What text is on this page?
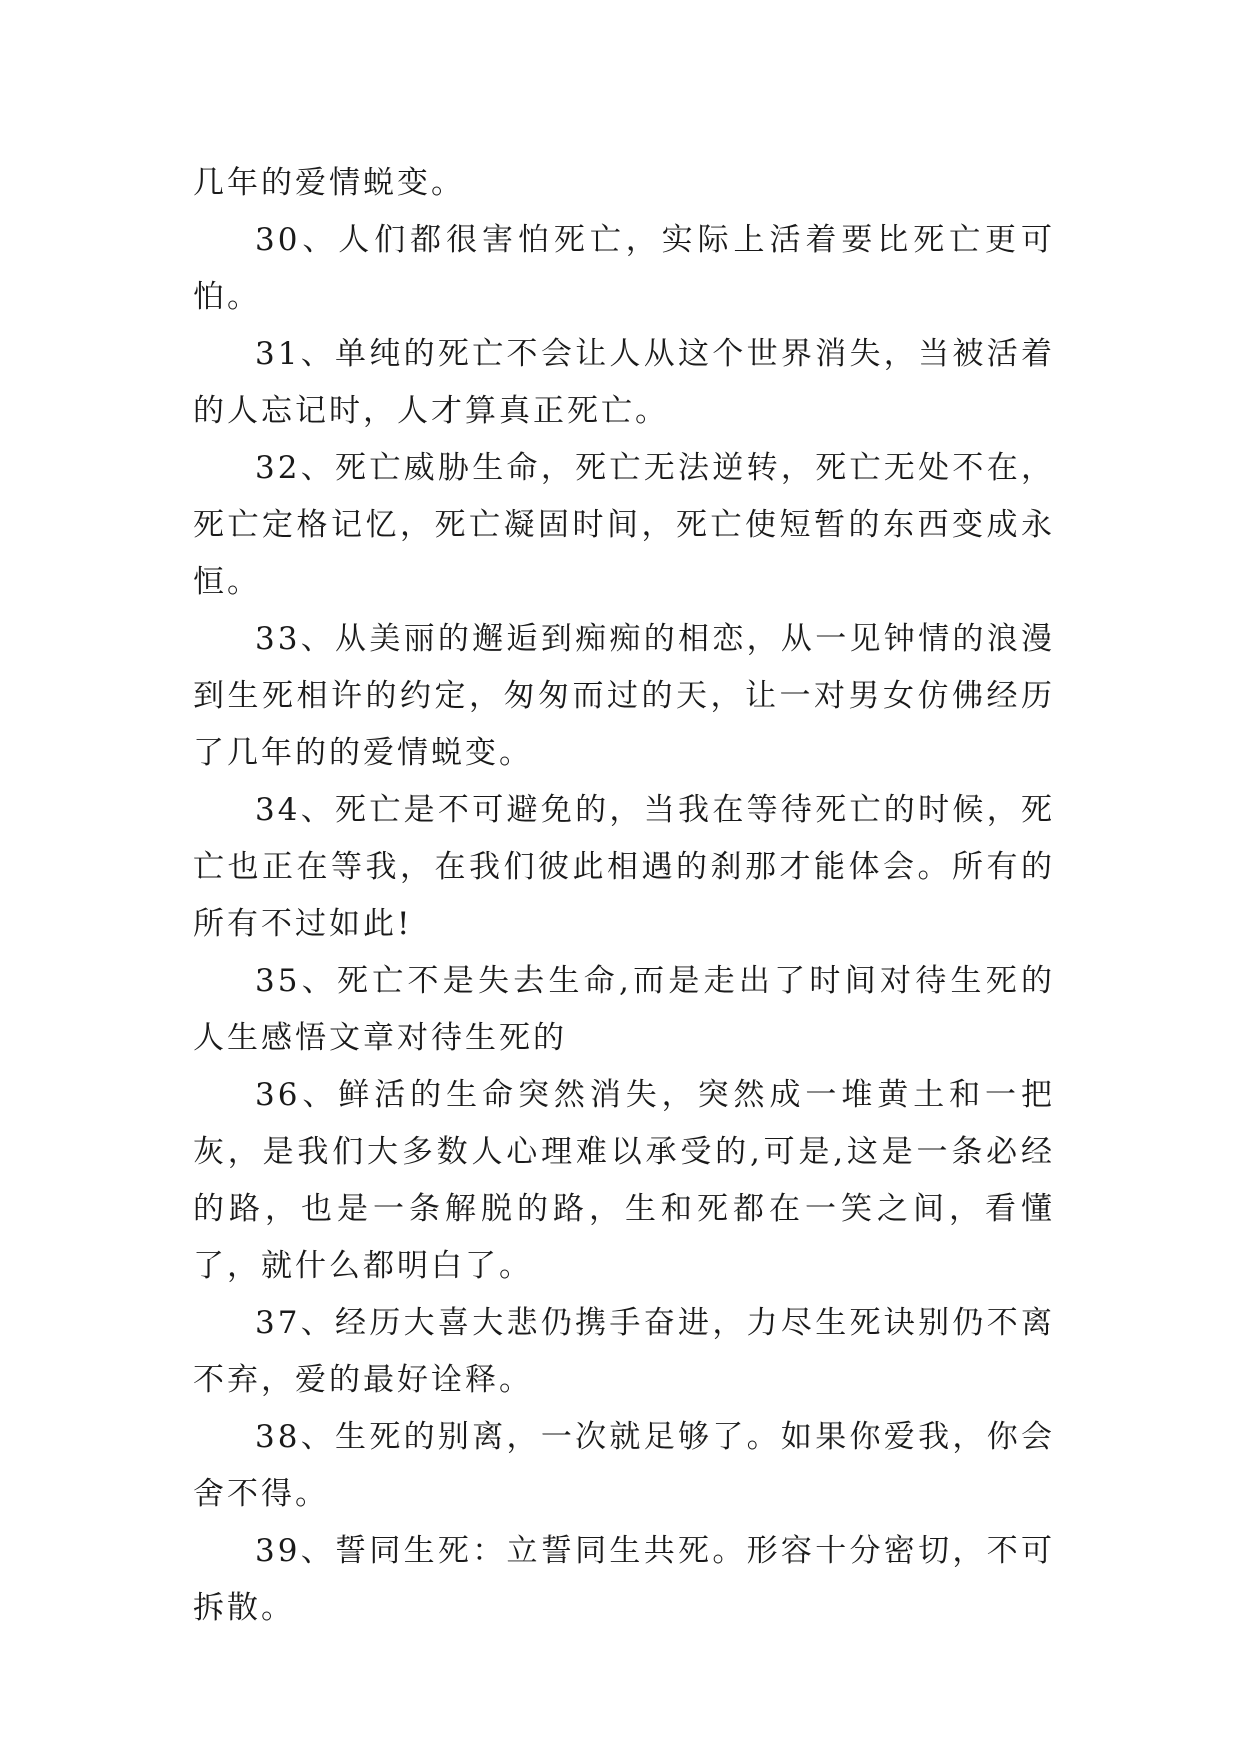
几年的爱情蜕变。

30、人们都很害怕死亡，实际上活着要比死亡更可怕。

31、单纯的死亡不会让人从这个世界消失，当被活着的人忘记时，人才算真正死亡。

32、死亡威胁生命，死亡无法逆转，死亡无处不在，死亡定格记忆，死亡凝固时间，死亡使短暂的东西变成永恒。

33、从美丽的邂逅到痴痴的相恋，从一见钟情的浪漫到生死相许的约定，匆匆而过的天，让一对男女仿佛经历了几年的的爱情蜕变。

34、死亡是不可避免的，当我在等待死亡的时候，死亡也正在等我，在我们彼此相遇的刹那才能体会。所有的所有不过如此!

35、死亡不是失去生命,而是走出了时间对待生死的人生感悟文章对待生死的

36、鲜活的生命突然消失，突然成一堆黄土和一把灰，是我们大多数人心理难以承受的,可是,这是一条必经的路，也是一条解脱的路，生和死都在一笑之间，看懂了，就什么都明白了。

37、经历大喜大悲仍携手奋进，力尽生死诀别仍不离不弃，爱的最好诠释。

38、生死的别离，一次就足够了。如果你爱我，你会舍不得。

39、誓同生死：立誓同生共死。形容十分密切，不可拆散。
